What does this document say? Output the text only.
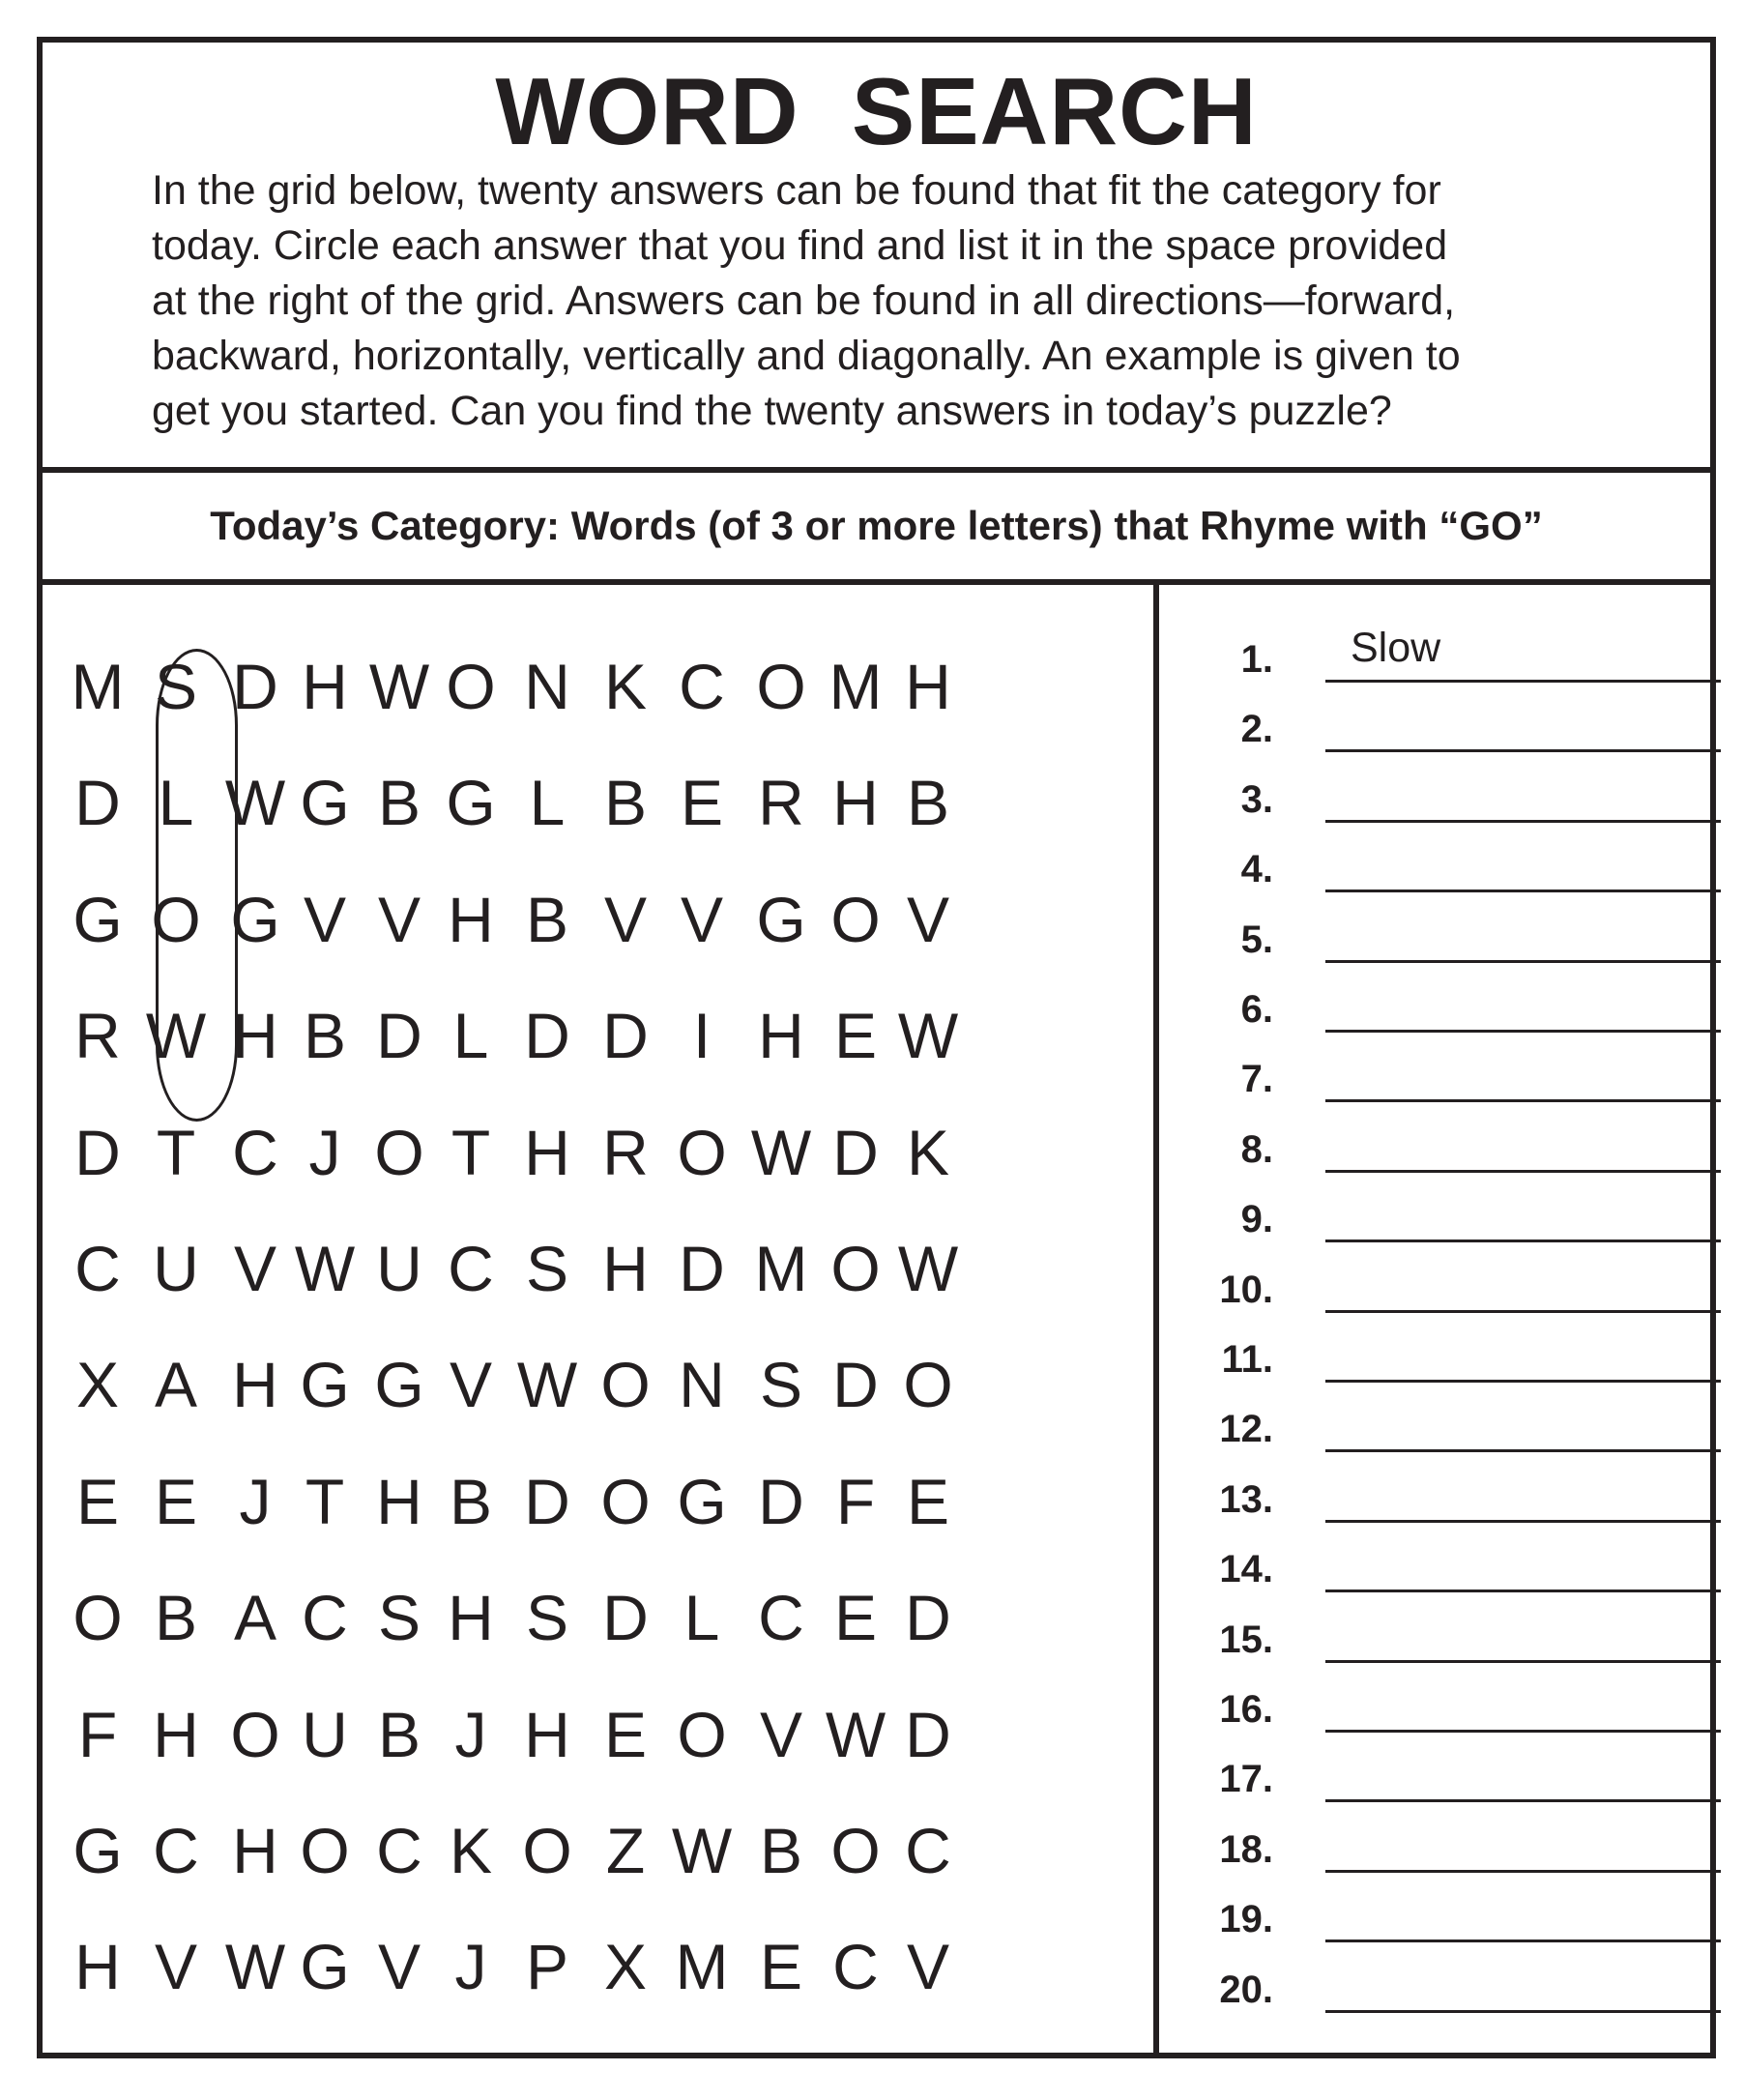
WORD SEARCH

In the grid below, twenty answers can be found that fit the category for
today. Circle each answer that you find and list it in the space provided
at the right of the grid. Answers can be found in all directions—forward,
backward, horizontally, vertically and diagonally. An example is given to
get you started. Can you find the twenty answers in today’s puzzle?

Today’s Category: Words (of 3 or more letters) that Rhyme with “GO”
M S D H W O N K C O M H
D L W G B G L B E R H B
G O G V V H B V V G O V
R W H B D L D D I H E W
D T C J O T H R O W D K
C U V W U C S H D M O W
X A H G G V W O N S D O
E E J T H B D O G D F E
O B A C S H S D L C E D
F H O U B J H E O V W D
G C H O C K O Z W B O C
H V W G V J P X M E C V
1. Slow
2.
3.
4.
5.
6.
7.
8.
9.
10.
11.
12.
13.
14.
15.
16.
17.
18.
19.
20.
